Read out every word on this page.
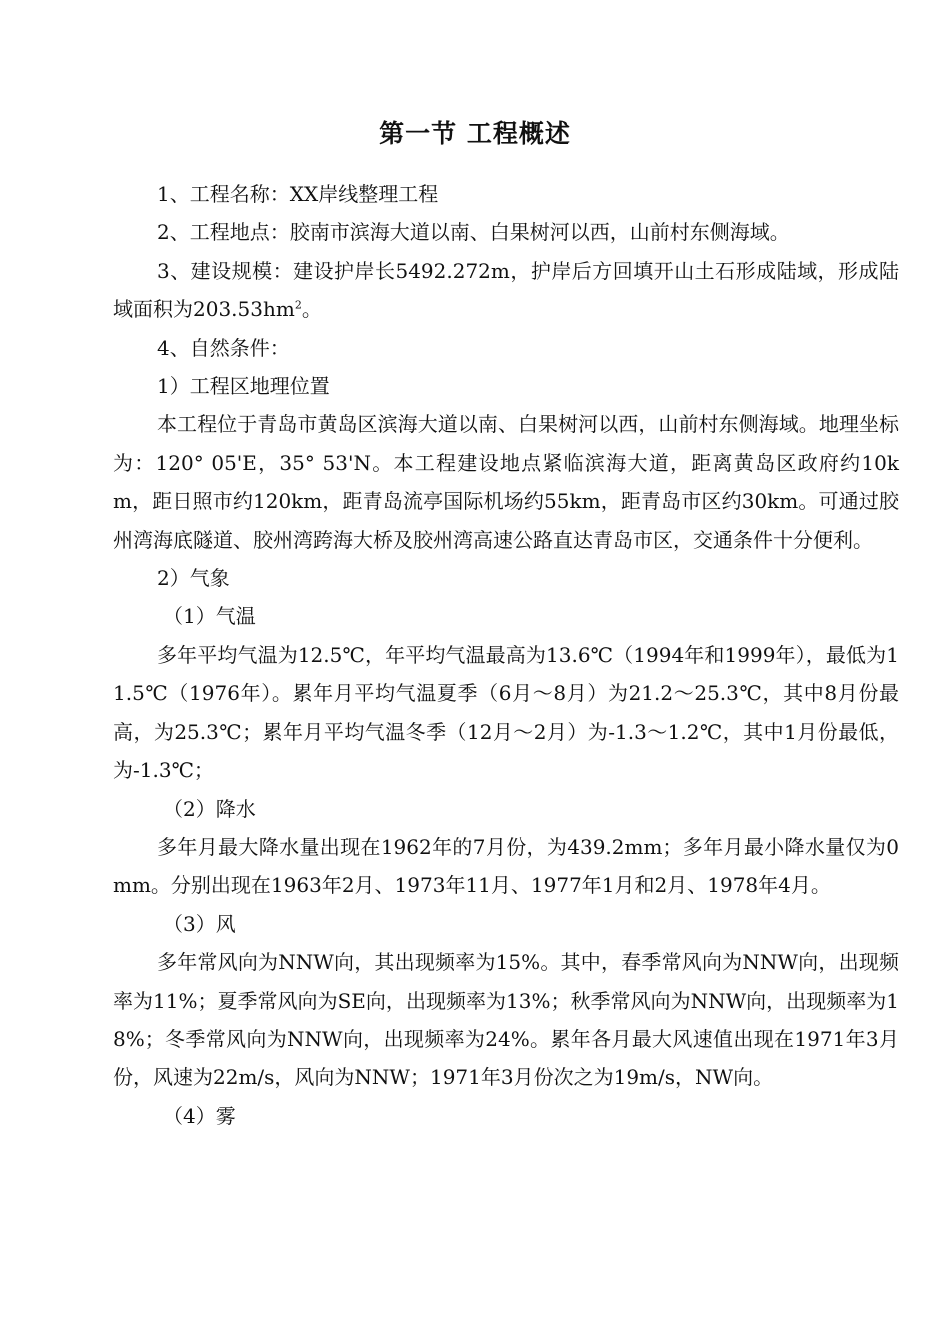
第一节 工程概述

1、工程名称：XX岸线整理工程

2、工程地点：胶南市滨海大道以南、白果树河以西，山前村东侧海域。

3、建设规模：建设护岸长5492.272m，护岸后方回填开山土石形成陆域，形成陆域面积为$203.53hm^2$。

4、自然条件：

1）工程区地理位置

本工程位于青岛市黄岛区滨海大道以南、白果树河以西，山前村东侧海域。地理坐标为：120° 05'E，35° 53'N。本工程建设地点紧临滨海大道，距离黄岛区政府约10km，距日照市约120km，距青岛流亭国际机场约55km，距青岛市区约30km。可通过胶州湾海底隧道、胶州湾跨海大桥及胶州湾高速公路直达青岛市区，交通条件十分便利。

2）气象

（1）气温

多年平均气温为12.5℃，年平均气温最高为13.6℃（1994年和1999年），最低为11.5℃（1976年）。累年月平均气温夏季（6月～8月）为21.2～25.3℃，其中8月份最高，为25.3℃；累年月平均气温冬季（12月～2月）为-1.3～1.2℃，其中1月份最低，为-1.3℃；

（2）降水

多年月最大降水量出现在1962年的7月份，为439.2mm；多年月最小降水量仅为0mm。分别出现在1963年2月、1973年11月、1977年1月和2月、1978年4月。

（3）风

多年常风向为NNW向，其出现频率为15%。其中，春季常风向为NNW向，出现频率为11%；夏季常风向为SE向，出现频率为13%；秋季常风向为NNW向，出现频率为18%；冬季常风向为NNW向，出现频率为24%。累年各月最大风速值出现在1971年3月份，风速为22m/s，风向为NNW；1971年3月份次之为19m/s，NW向。

（4）雾
